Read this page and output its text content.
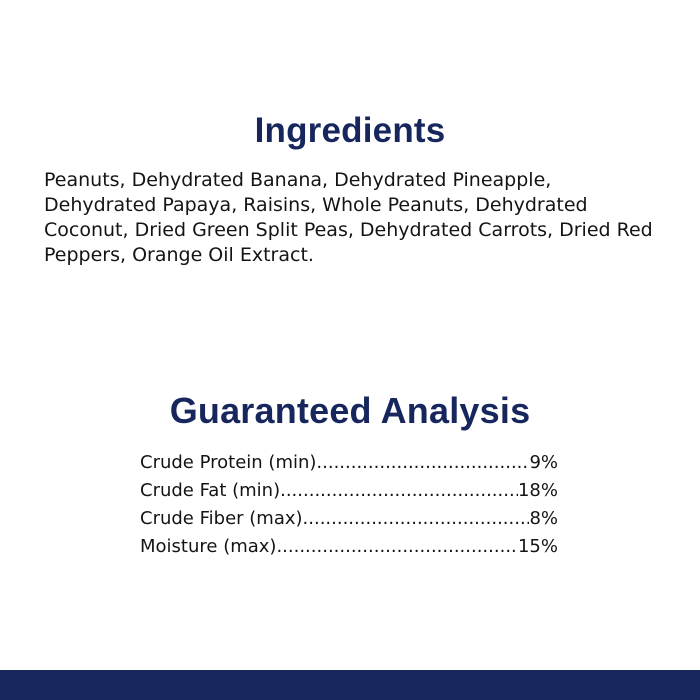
Ingredients

Peanuts, Dehydrated Banana, Dehydrated Pineapple, Dehydrated Papaya, Raisins, Whole Peanuts, Dehydrated Coconut, Dried Green Split Peas, Dehydrated Carrots, Dried Red Peppers, Orange Oil Extract.

Guaranteed Analysis
Crude Protein (min) .....	9%
Crude Fat (min) .....	18%
Crude Fiber (max) .....	8%
Moisture (max) .....	15%
